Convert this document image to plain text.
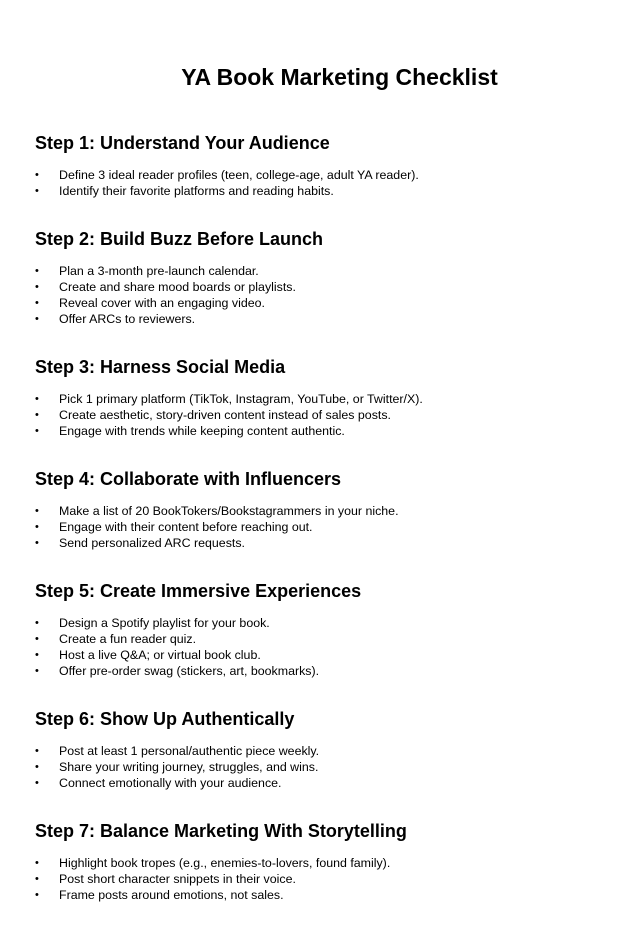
YA Book Marketing Checklist
Step 1: Understand Your Audience
• Define 3 ideal reader profiles (teen, college-age, adult YA reader).
• Identify their favorite platforms and reading habits.
Step 2: Build Buzz Before Launch
• Plan a 3-month pre-launch calendar.
• Create and share mood boards or playlists.
• Reveal cover with an engaging video.
• Offer ARCs to reviewers.
Step 3: Harness Social Media
• Pick 1 primary platform (TikTok, Instagram, YouTube, or Twitter/X).
• Create aesthetic, story-driven content instead of sales posts.
• Engage with trends while keeping content authentic.
Step 4: Collaborate with Influencers
• Make a list of 20 BookTokers/Bookstagrammers in your niche.
• Engage with their content before reaching out.
• Send personalized ARC requests.
Step 5: Create Immersive Experiences
• Design a Spotify playlist for your book.
• Create a fun reader quiz.
• Host a live Q&A; or virtual book club.
• Offer pre-order swag (stickers, art, bookmarks).
Step 6: Show Up Authentically
• Post at least 1 personal/authentic piece weekly.
• Share your writing journey, struggles, and wins.
• Connect emotionally with your audience.
Step 7: Balance Marketing With Storytelling
• Highlight book tropes (e.g., enemies-to-lovers, found family).
• Post short character snippets in their voice.
• Frame posts around emotions, not sales.
